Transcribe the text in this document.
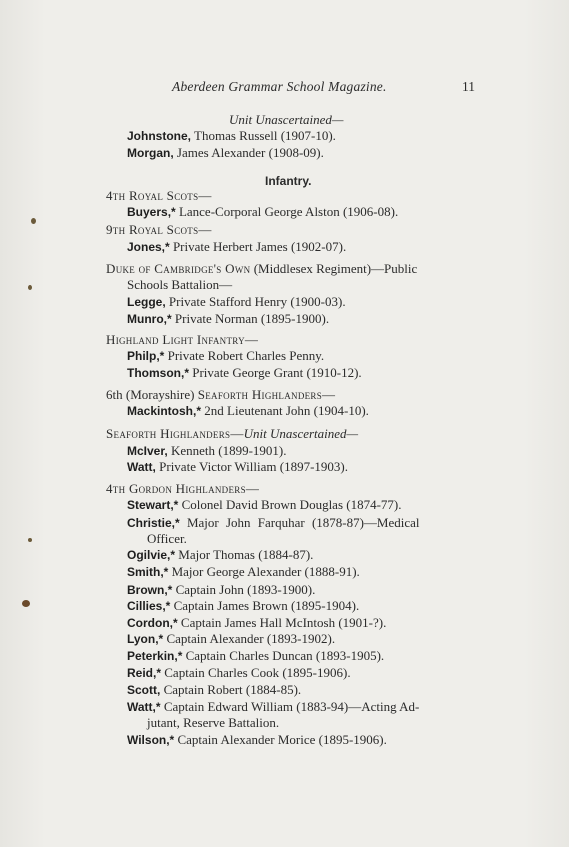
Aberdeen Grammar School Magazine.	11
Unit Unascertained—
Johnstone, Thomas Russell (1907-10).
Morgan, James Alexander (1908-09).
Infantry.
4th Royal Scots—
Buyers,* Lance-Corporal George Alston (1906-08).
9th Royal Scots—
Jones,* Private Herbert James (1902-07).
Duke of Cambridge's Own (Middlesex Regiment)—Public
Schools Battalion—
Legge, Private Stafford Henry (1900-03).
Munro,* Private Norman (1895-1900).
Highland Light Infantry—
Philp,* Private Robert Charles Penny.
Thomson,* Private George Grant (1910-12).
6th (Morayshire) Seaforth Highlanders—
Mackintosh,* 2nd Lieutenant John (1904-10).
Seaforth Highlanders—Unit Unascertained—
McIver, Kenneth (1899-1901).
Watt, Private Victor William (1897-1903).
4th Gordon Highlanders—
Stewart,* Colonel David Brown Douglas (1874-77).
Christie,* Major John Farquhar (1878-87)—Medical
Officer.
Ogilvie,* Major Thomas (1884-87).
Smith,* Major George Alexander (1888-91).
Brown,* Captain John (1893-1900).
Cillies,* Captain James Brown (1895-1904).
Cordon,* Captain James Hall McIntosh (1901-?).
Lyon,* Captain Alexander (1893-1902).
Peterkin,* Captain Charles Duncan (1893-1905).
Reid,* Captain Charles Cook (1895-1906).
Scott, Captain Robert (1884-85).
Watt,* Captain Edward William (1883-94)—Acting Ad-
jutant, Reserve Battalion.
Wilson,* Captain Alexander Morice (1895-1906).
